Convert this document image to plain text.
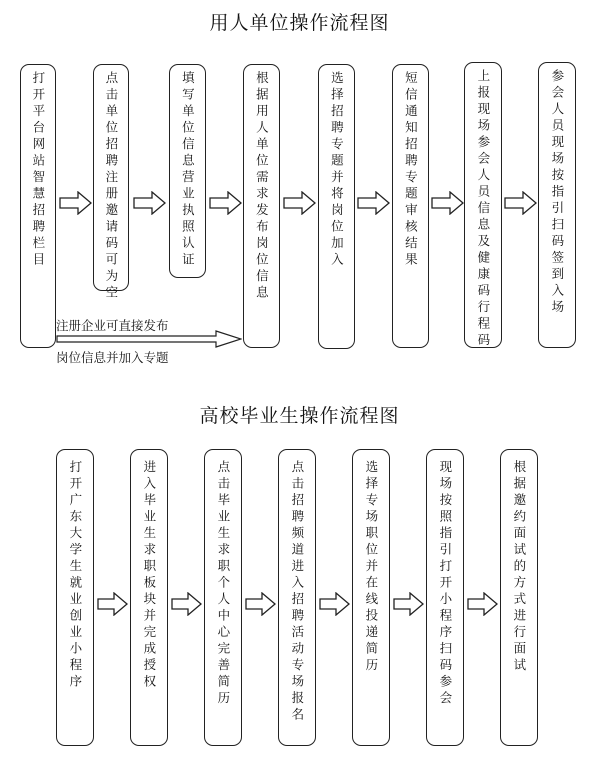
用人单位操作流程图
打开平台网站智慧招聘栏目	点击单位招聘注册邀请码可为空	填写单位信息营业执照认证	根据用人单位需求发布岗位信息	选择招聘专题并将岗位加入	短信通知招聘专题审核结果	上报现场参会人员信息及健康码行程码	参会人员现场按指引扫码签到入场

注册企业可直接发布

岗位信息并加入专题

高校毕业生操作流程图
打开广东大学生就业创业小程序	进入毕业生求职板块并完成授权	点击毕业生求职个人中心完善简历	点击招聘频道进入招聘活动专场报名	选择专场职位并在线投递简历	现场按照指引打开小程序扫码参会	根据邀约面试的方式进行面试
